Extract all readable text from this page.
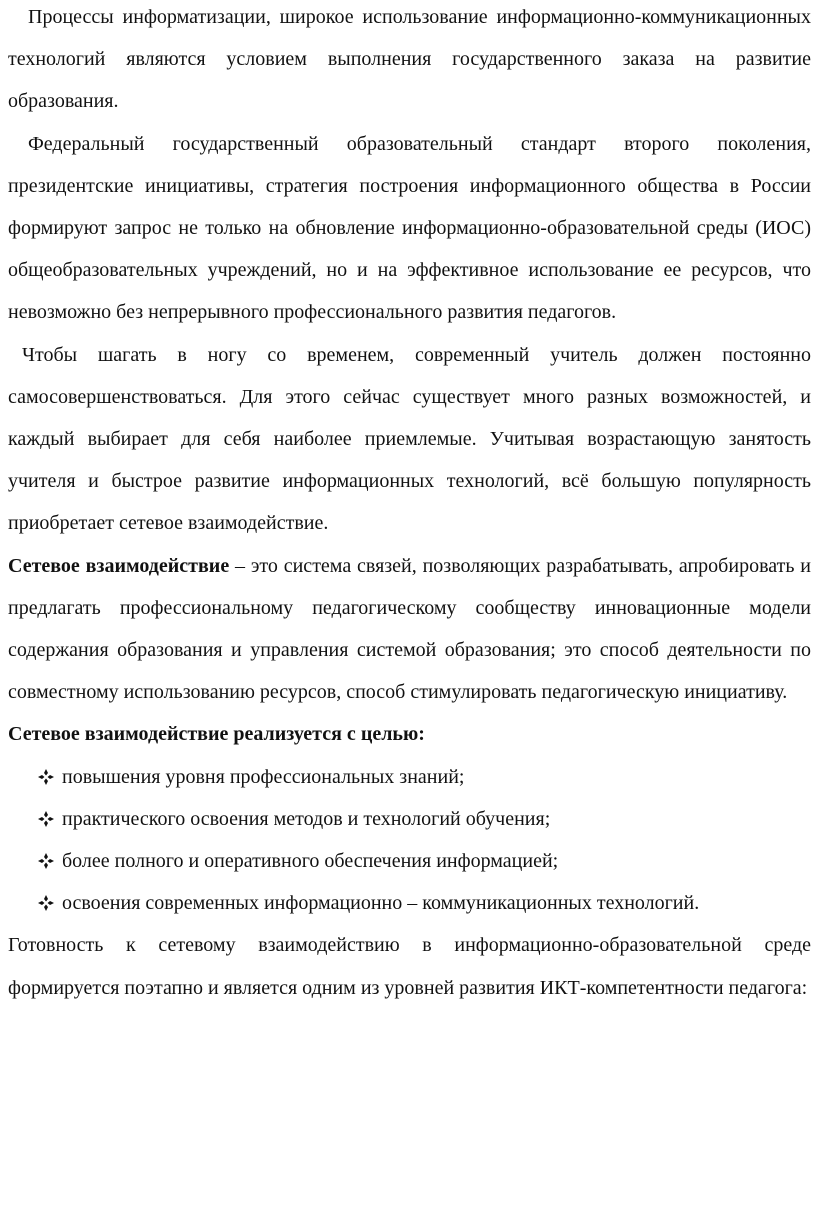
Процессы информатизации, широкое использование информационно-коммуникационных технологий являются условием выполнения государственного заказа на развитие образования.

Федеральный государственный образовательный стандарт второго поколения, президентские инициативы, стратегия построения информационного общества в России формируют запрос не только на обновление информационно-образовательной среды (ИОС) общеобразовательных учреждений, но и на эффективное использование ее ресурсов, что невозможно без непрерывного профессионального развития педагогов.

Чтобы шагать в ногу со временем, современный учитель должен постоянно самосовершенствоваться. Для этого сейчас существует много разных возможностей, и каждый выбирает для себя наиболее приемлемые. Учитывая возрастающую занятость учителя и быстрое развитие информационных технологий, всё большую популярность приобретает сетевое взаимодействие.

Сетевое взаимодействие – это система связей, позволяющих разрабатывать, апробировать и предлагать профессиональному педагогическому сообществу инновационные модели содержания образования и управления системой образования; это способ деятельности по совместному использованию ресурсов, способ стимулировать педагогическую инициативу.

Сетевое взаимодействие реализуется с целью:

повышения уровня профессиональных знаний;
практического освоения методов и технологий обучения;
более полного и оперативного обеспечения информацией;
освоения современных информационно – коммуникационных технологий.

Готовность к сетевому взаимодействию в информационно-образовательной среде формируется поэтапно и является одним из уровней развития ИКТ-компетентности педагога:
